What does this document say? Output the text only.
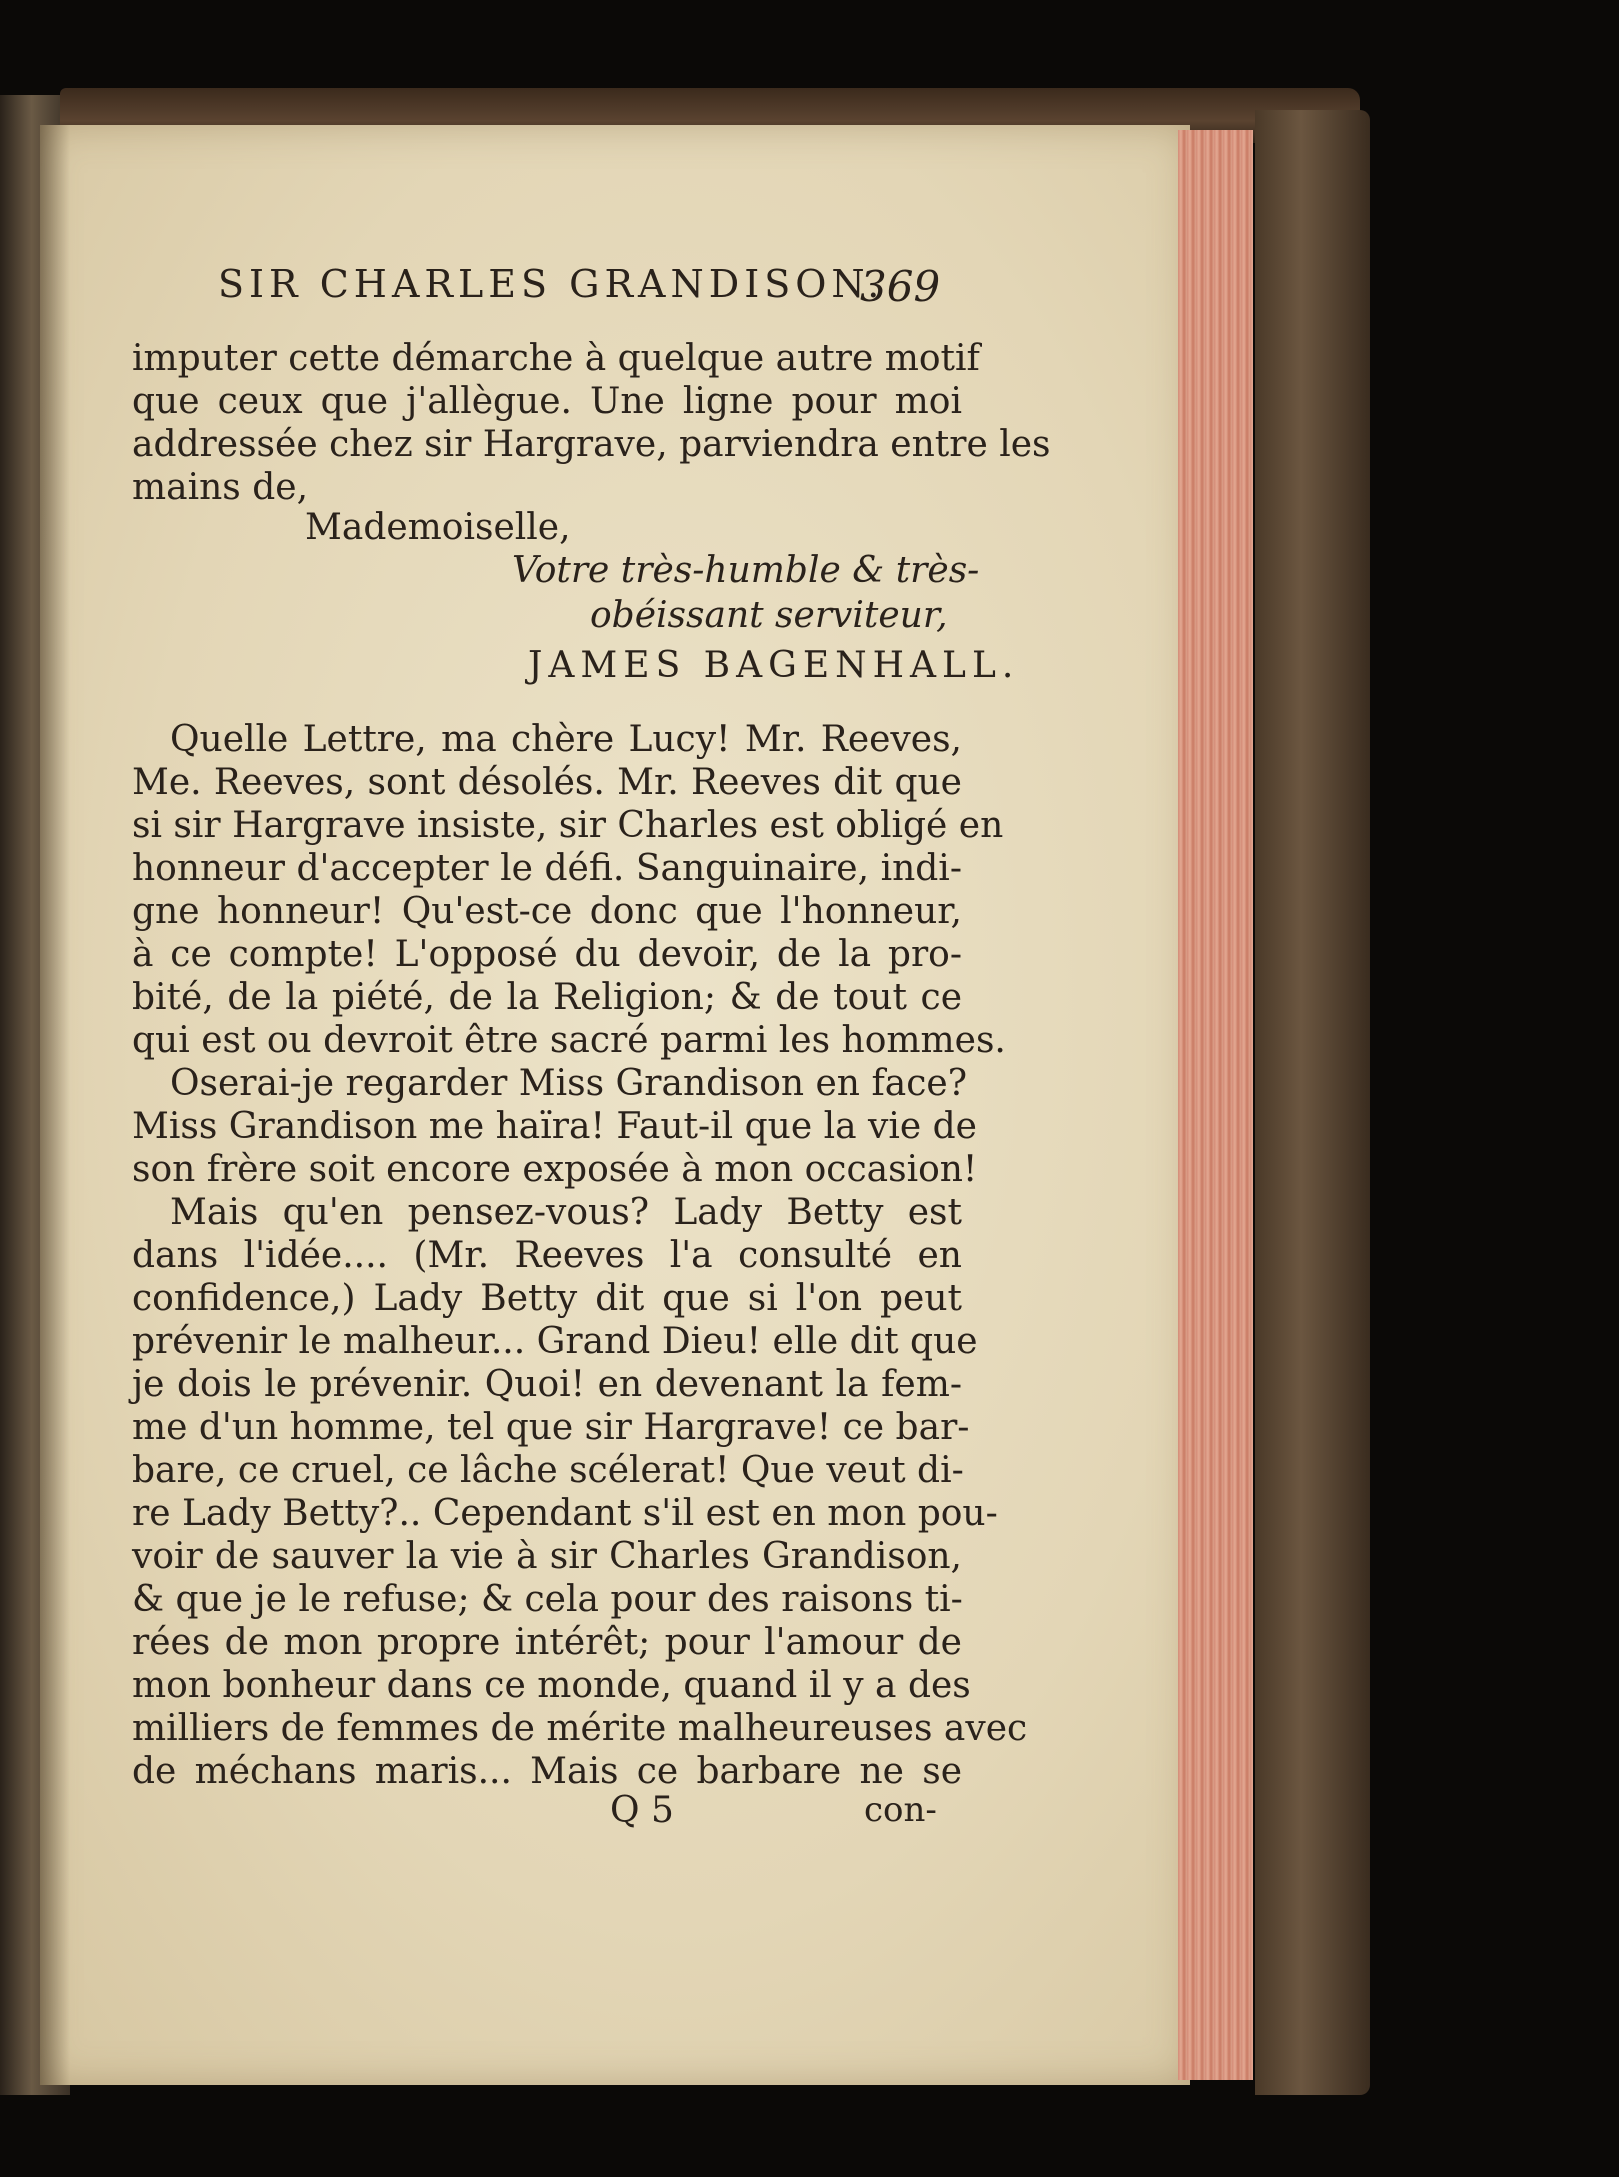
SIR CHARLES GRANDISON.
369
imputer cette démarche à quelque autre motif
que ceux que j'allègue. Une ligne pour moi
addressée chez sir Hargrave, parviendra entre les
mains de,
Mademoiselle,
Votre très-humble & très-
obéissant serviteur,
JAMES BAGENHALL.
Quelle Lettre, ma chère Lucy! Mr. Reeves,
Me. Reeves, sont désolés. Mr. Reeves dit que
si sir Hargrave insiste, sir Charles est obligé en
honneur d'accepter le défi. Sanguinaire, indi-
gne honneur! Qu'est-ce donc que l'honneur,
à ce compte! L'opposé du devoir, de la pro-
bité, de la piété, de la Religion; & de tout ce
qui est ou devroit être sacré parmi les hommes.
Oserai-je regarder Miss Grandison en face?
Miss Grandison me haïra! Faut-il que la vie de
son frère soit encore exposée à mon occasion!
Mais qu'en pensez-vous? Lady Betty est
dans l'idée.... (Mr. Reeves l'a consulté en
confidence,) Lady Betty dit que si l'on peut
prévenir le malheur... Grand Dieu! elle dit que
je dois le prévenir. Quoi! en devenant la fem-
me d'un homme, tel que sir Hargrave! ce bar-
bare, ce cruel, ce lâche scélerat! Que veut di-
re Lady Betty?.. Cependant s'il est en mon pou-
voir de sauver la vie à sir Charles Grandison,
& que je le refuse; & cela pour des raisons ti-
rées de mon propre intérêt; pour l'amour de
mon bonheur dans ce monde, quand il y a des
milliers de femmes de mérite malheureuses avec
de méchans maris... Mais ce barbare ne se
Q 5	con-
